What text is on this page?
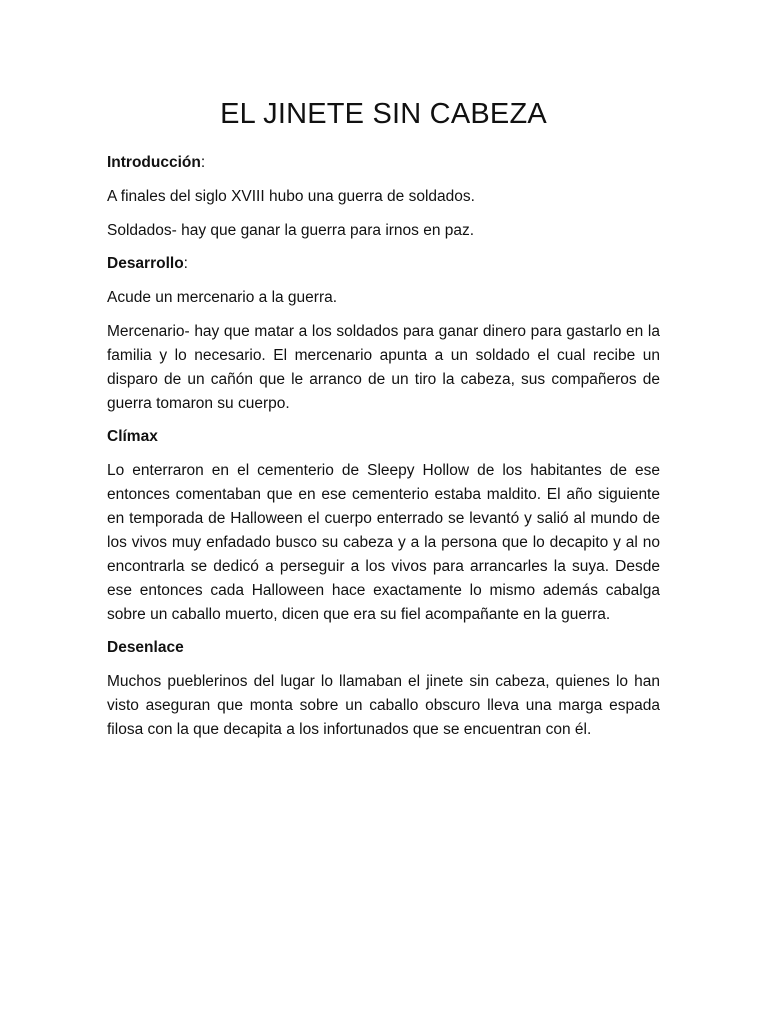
EL JINETE SIN CABEZA
Introducción:

A finales del siglo XVIII hubo una guerra de soldados.

Soldados- hay que ganar la guerra para irnos en paz.

Desarrollo:

Acude un mercenario a la guerra.

Mercenario- hay que matar a los soldados para ganar dinero para gastarlo en la familia y lo necesario. El mercenario apunta a un soldado el cual recibe un disparo de un cañón que le arranco de un tiro la cabeza, sus compañeros de guerra tomaron su cuerpo.

Clímax

Lo enterraron en el cementerio de Sleepy Hollow de los habitantes de ese entonces comentaban que en ese cementerio estaba maldito. El año siguiente en temporada de Halloween el cuerpo enterrado se levantó y salió al mundo de los vivos muy enfadado busco su cabeza y a la persona que lo decapito y al no encontrarla se dedicó a perseguir a los vivos para arrancarles la suya. Desde ese entonces cada Halloween hace exactamente lo mismo además cabalga sobre un caballo muerto, dicen que era su fiel acompañante en la guerra.

Desenlace

Muchos pueblerinos del lugar lo llamaban el jinete sin cabeza, quienes lo han visto aseguran que monta sobre un caballo obscuro lleva una marga espada filosa con la que decapita a los infortunados que se encuentran con él.
